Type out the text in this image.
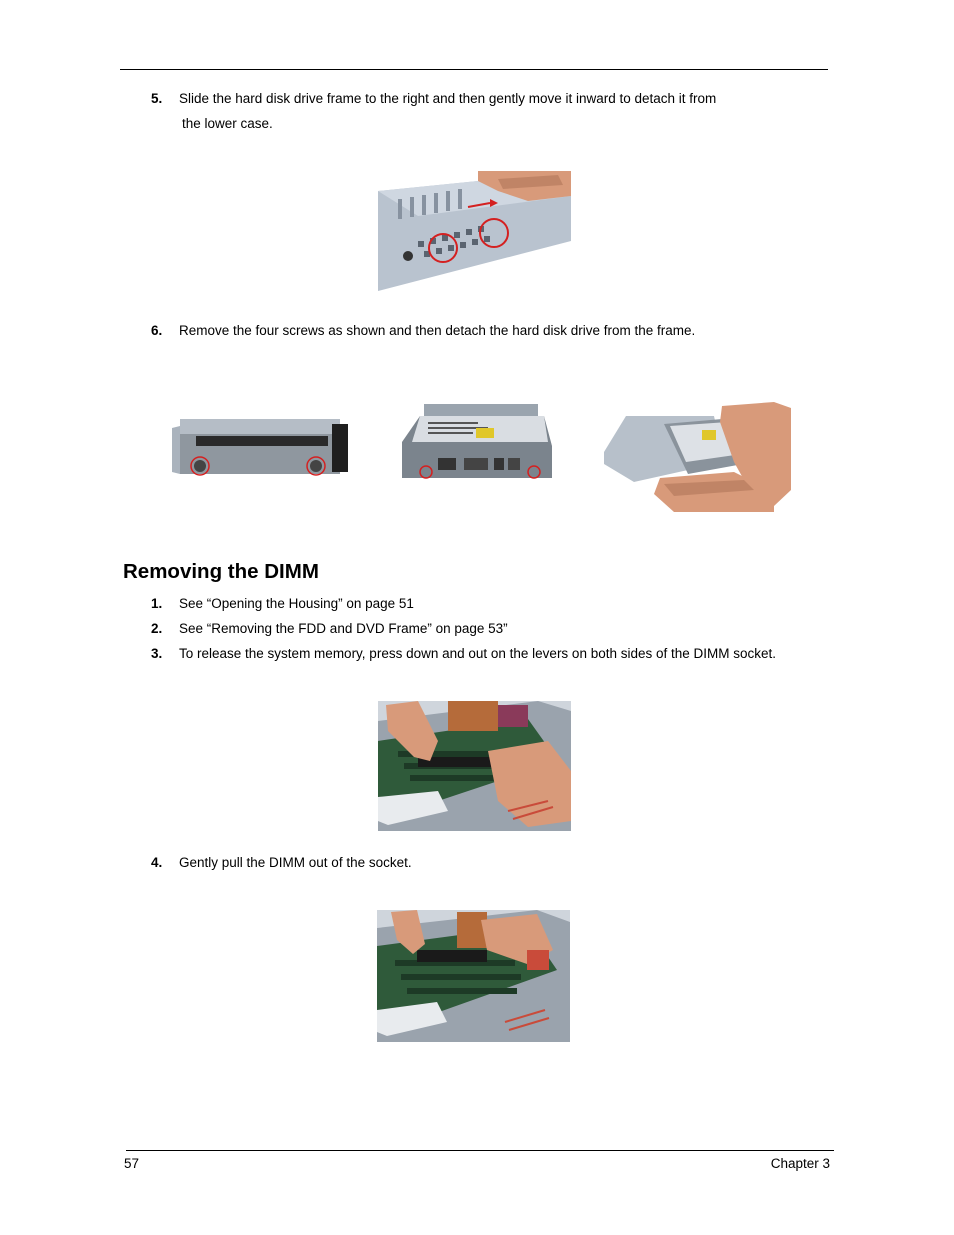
5. Slide the hard disk drive frame to the right and then gently move it inward to detach it from
the lower case.
6. Remove the four screws as shown and then detach the hard disk drive from the frame.
Removing the DIMM
1. See “Opening the Housing” on page 51
2. See “Removing the FDD and DVD Frame” on page 53”
3. To release the system memory, press down and out on the levers on both sides of the DIMM socket.
4. Gently pull the DIMM out of the socket.
57	Chapter 3
